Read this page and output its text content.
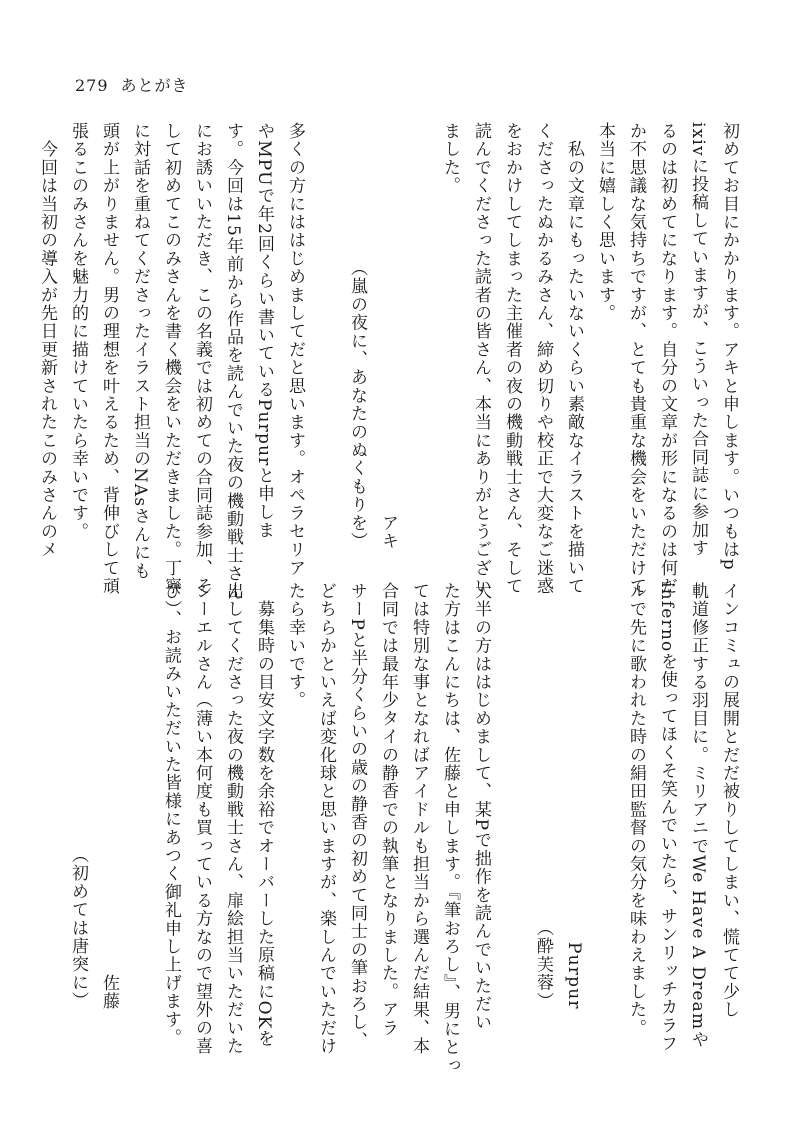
279 あとがき

初めてお目にかかります。アキと申します。いつもはp

ixivに投稿していますが、こういった合同誌に参加す

るのは初めてになります。自分の文章が形になるのは何だ

か不思議な気持ちですが、とても貴重な機会をいただけて

本当に嬉しく思います。

　私の文章にもったいないくらい素敵なイラストを描いて

くださったぬかるみさん、締め切りや校正で大変なご迷惑

をおかけしてしまった主催者の夜の機動戦士さん、そして

読んでくださった読者の皆さん、本当にありがとうござい

ました。

アキ

（嵐の夜に、あなたのぬくもりを）

多くの方にははじめましてだと思います。オペラセリア

やMPUで年2回くらい書いているPurpurと申しま

す。今回は15年前から作品を読んでいた夜の機動戦士さん

にお誘いいただき、この名義では初めての合同誌参加、そ

して初めてこのみさんを書く機会をいただきました。丁寧

に対話を重ねてくださったイラスト担当のNAsさんにも

頭が上がりません。男の理想を叶えるため、背伸びして頑

張るこのみさんを魅力的に描けていたら幸いです。

　今回は当初の導入が先日更新されたこのみさんのメ

インコミュの展開とだだ被りしてしまい、慌てて少し

軌道修正する羽目に。ミリアニでWe Have A Dreamや

infernoを使ってほくそ笑んでいたら、サンリッチカラフ

ルで先に歌われた時の絹田監督の気分を味わえました。

Purpur

（酔芙蓉）

大半の方ははじめまして、某Pで拙作を読んでいただい

た方はこんにちは、佐藤と申します。『筆おろし』、男にとっ

ては特別な事となればアイドルも担当から選んだ結果、本

合同では最年少タイの静香での執筆となりました。アラ

サーPと半分くらいの歳の静香の初めて同士の筆おろし、

どちらかといえば変化球と思いますが、楽しんでいただけ

たら幸いです。

　募集時の目安文字数を余裕でオーバーした原稿にOKを

出してくださった夜の機動戦士さん、扉絵担当いただいた

シーエルさん（薄い本何度も買っている方なので望外の喜

び）、お読みいただいた皆様にあつく御礼申し上げます。

佐藤

（初めては唐突に）
